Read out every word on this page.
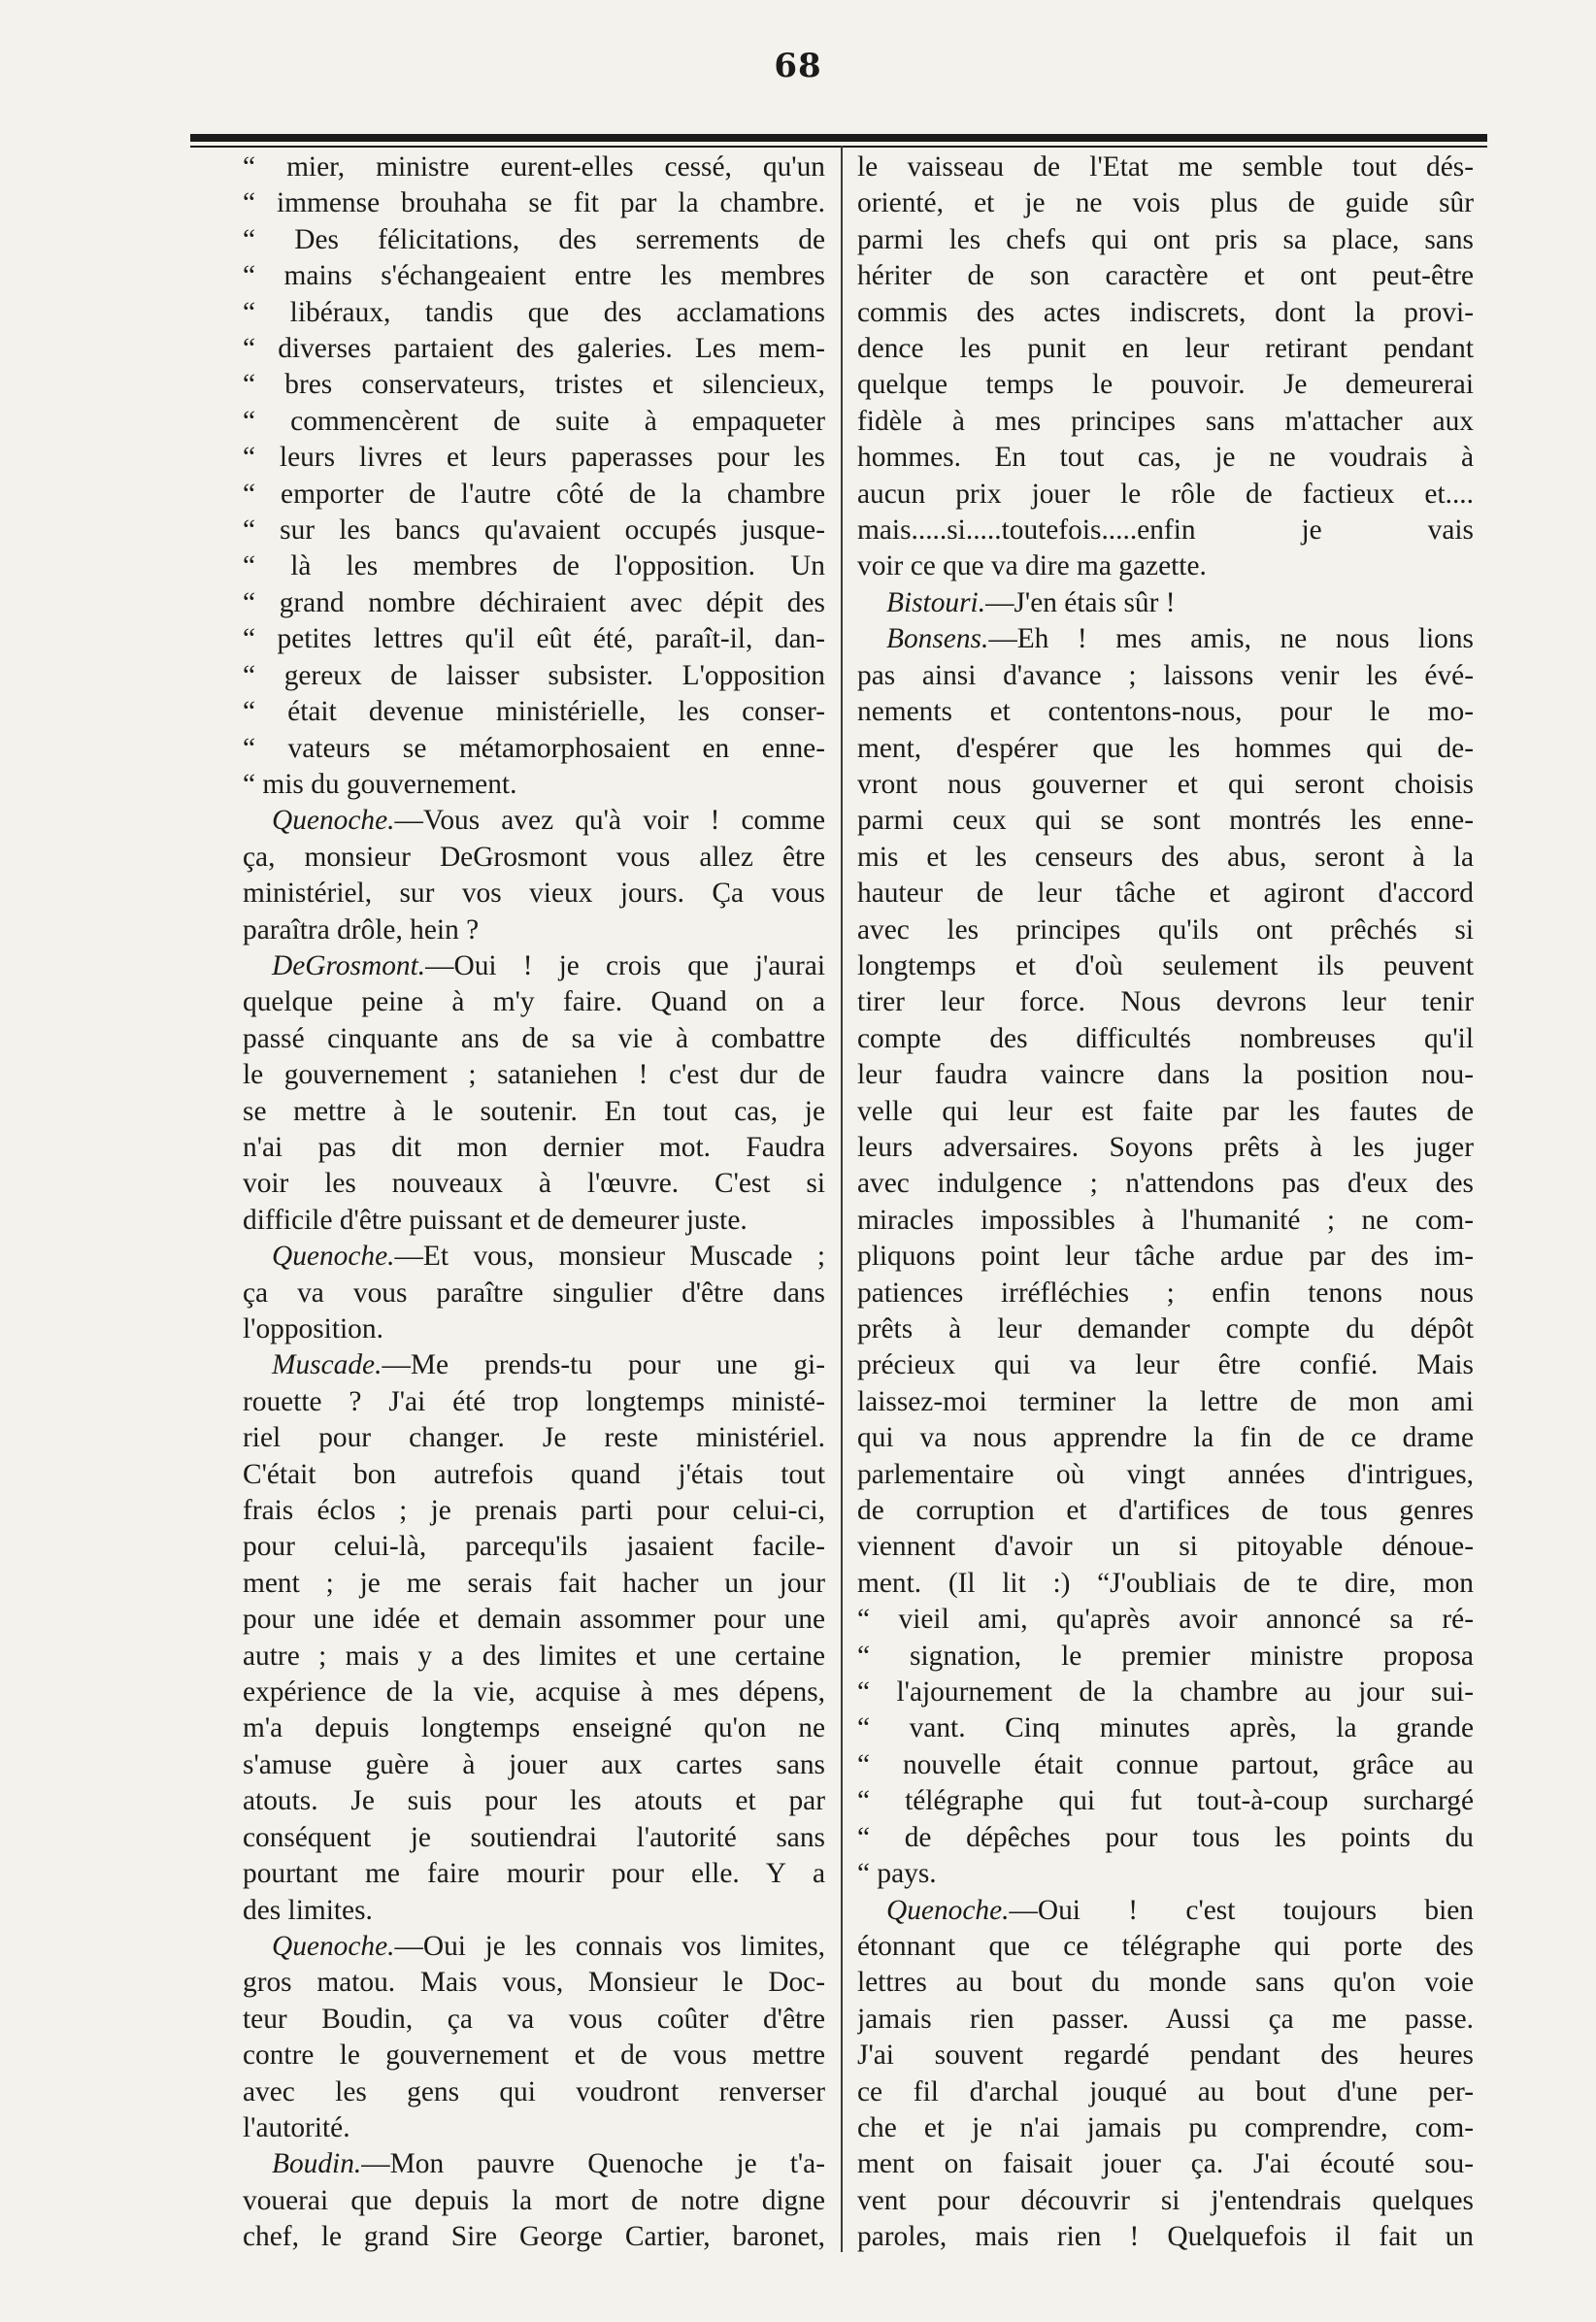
68
“ mier, ministre eurent-elles cessé, qu'un
“ immense brouhaha se fit par la chambre.
“ Des félicitations, des serrements de
“ mains s'échangeaient entre les membres
“ libéraux, tandis que des acclamations
“ diverses partaient des galeries. Les mem-
“ bres conservateurs, tristes et silencieux,
“ commencèrent de suite à empaqueter
“ leurs livres et leurs paperasses pour les
“ emporter de l'autre côté de la chambre
“ sur les bancs qu'avaient occupés jusque-
“ là les membres de l'opposition. Un
“ grand nombre déchiraient avec dépit des
“ petites lettres qu'il eût été, paraît-il, dan-
“ gereux de laisser subsister. L'opposition
“ était devenue ministérielle, les conser-
“ vateurs se métamorphosaient en enne-
“ mis du gouvernement.
Quenoche.—Vous avez qu'à voir ! comme
ça, monsieur DeGrosmont vous allez être
ministériel, sur vos vieux jours. Ça vous
paraîtra drôle, hein ?
DeGrosmont.—Oui ! je crois que j'aurai
quelque peine à m'y faire. Quand on a
passé cinquante ans de sa vie à combattre
le gouvernement ; sataniehen ! c'est dur de
se mettre à le soutenir. En tout cas, je
n'ai pas dit mon dernier mot. Faudra
voir les nouveaux à l'œuvre. C'est si
difficile d'être puissant et de demeurer juste.
Quenoche.—Et vous, monsieur Muscade ;
ça va vous paraître singulier d'être dans
l'opposition.
Muscade.—Me prends-tu pour une gi-
rouette ? J'ai été trop longtemps ministé-
riel pour changer. Je reste ministériel.
C'était bon autrefois quand j'étais tout
frais éclos ; je prenais parti pour celui-ci,
pour celui-là, parcequ'ils jasaient facile-
ment ; je me serais fait hacher un jour
pour une idée et demain assommer pour une
autre ; mais y a des limites et une certaine
expérience de la vie, acquise à mes dépens,
m'a depuis longtemps enseigné qu'on ne
s'amuse guère à jouer aux cartes sans
atouts. Je suis pour les atouts et par
conséquent je soutiendrai l'autorité sans
pourtant me faire mourir pour elle. Y a
des limites.
Quenoche.—Oui je les connais vos limites,
gros matou. Mais vous, Monsieur le Doc-
teur Boudin, ça va vous coûter d'être
contre le gouvernement et de vous mettre
avec les gens qui voudront renverser
l'autorité.
Boudin.—Mon pauvre Quenoche je t'a-
vouerai que depuis la mort de notre digne
chef, le grand Sire George Cartier, baronet,
le vaisseau de l'Etat me semble tout dés-
orienté, et je ne vois plus de guide sûr
parmi les chefs qui ont pris sa place, sans
hériter de son caractère et ont peut-être
commis des actes indiscrets, dont la provi-
dence les punit en leur retirant pendant
quelque temps le pouvoir. Je demeurerai
fidèle à mes principes sans m'attacher aux
hommes. En tout cas, je ne voudrais à
aucun prix jouer le rôle de factieux et....
mais.....si.....toutefois.....enfin je vais
voir ce que va dire ma gazette.
Bistouri.—J'en étais sûr !
Bonsens.—Eh ! mes amis, ne nous lions
pas ainsi d'avance ; laissons venir les évé-
nements et contentons-nous, pour le mo-
ment, d'espérer que les hommes qui de-
vront nous gouverner et qui seront choisis
parmi ceux qui se sont montrés les enne-
mis et les censeurs des abus, seront à la
hauteur de leur tâche et agiront d'accord
avec les principes qu'ils ont prêchés si
longtemps et d'où seulement ils peuvent
tirer leur force. Nous devrons leur tenir
compte des difficultés nombreuses qu'il
leur faudra vaincre dans la position nou-
velle qui leur est faite par les fautes de
leurs adversaires. Soyons prêts à les juger
avec indulgence ; n'attendons pas d'eux des
miracles impossibles à l'humanité ; ne com-
pliquons point leur tâche ardue par des im-
patiences irréfléchies ; enfin tenons nous
prêts à leur demander compte du dépôt
précieux qui va leur être confié. Mais
laissez-moi terminer la lettre de mon ami
qui va nous apprendre la fin de ce drame
parlementaire où vingt années d'intrigues,
de corruption et d'artifices de tous genres
viennent d'avoir un si pitoyable dénoue-
ment. (Il lit :) “J'oubliais de te dire, mon
“ vieil ami, qu'après avoir annoncé sa ré-
“ signation, le premier ministre proposa
“ l'ajournement de la chambre au jour sui-
“ vant. Cinq minutes après, la grande
“ nouvelle était connue partout, grâce au
“ télégraphe qui fut tout-à-coup surchargé
“ de dépêches pour tous les points du
“ pays.
Quenoche.—Oui ! c'est toujours bien
étonnant que ce télégraphe qui porte des
lettres au bout du monde sans qu'on voie
jamais rien passer. Aussi ça me passe.
J'ai souvent regardé pendant des heures
ce fil d'archal jouqué au bout d'une per-
che et je n'ai jamais pu comprendre, com-
ment on faisait jouer ça. J'ai écouté sou-
vent pour découvrir si j'entendrais quelques
paroles, mais rien ! Quelquefois il fait un
